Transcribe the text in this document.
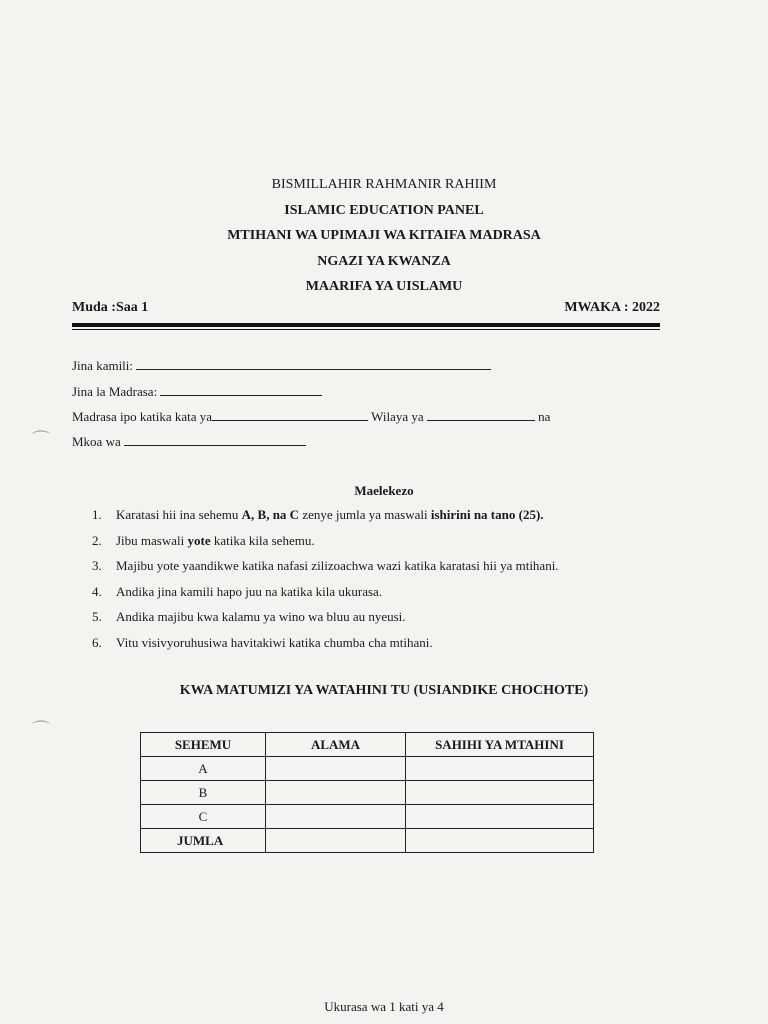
BISMILLAHIR RAHMANIR RAHIIM
ISLAMIC EDUCATION PANEL
MTIHANI WA UPIMAJI WA KITAIFA MADRASA
NGAZI YA KWANZA
MAARIFA YA UISLAMU
Muda :Saa 1	MWAKA : 2022
Jina kamili:
Jina la Madrasa:
Madrasa ipo katika kata ya	Wilaya ya	na
Mkoa wa
Maelekezo
1.	Karatasi hii ina sehemu A, B, na C zenye jumla ya maswali ishirini na tano (25).
2.	Jibu maswali yote katika kila sehemu.
3.	Majibu yote yaandikwe katika nafasi zilizoachwa wazi katika karatasi hii ya mtihani.
4.	Andika jina kamili hapo juu na katika kila ukurasa.
5.	Andika majibu kwa kalamu ya wino wa bluu au nyeusi.
6.	Vitu visivyoruhusiwa havitakiwi katika chumba cha mtihani.
KWA MATUMIZI YA WATAHINI TU (USIANDIKE CHOCHOTE)
SEHEMU	ALAMA	SAHIHI YA MTAHINI
A		
B		
C		
JUMLA		
Ukurasa wa 1 kati ya 4
⌒
⌒
